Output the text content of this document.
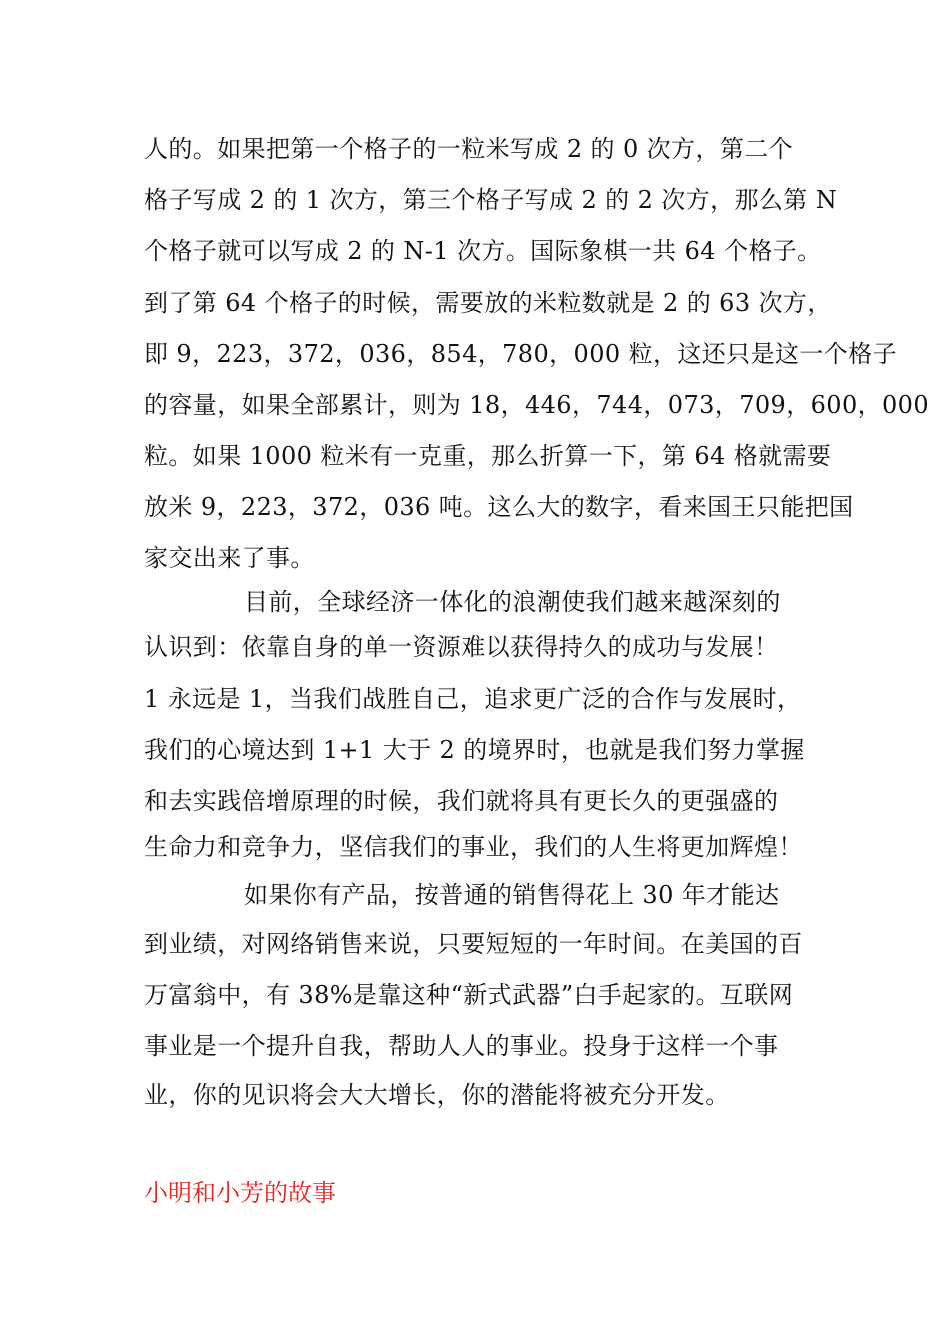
人的。如果把第一个格子的一粒米写成 2 的 0 次方，第二个
格子写成 2 的 1 次方，第三个格子写成 2 的 2 次方，那么第 N
个格子就可以写成 2 的 N-1 次方。国际象棋一共 64 个格子。
到了第 64 个格子的时候，需要放的米粒数就是 2 的 63 次方，
即 9，223，372，036，854，780，000 粒，这还只是这一个格子
的容量，如果全部累计，则为 18，446，744，073，709，600，000
粒。如果 1000 粒米有一克重，那么折算一下，第 64 格就需要
放米 9，223，372，036 吨。这么大的数字，看来国王只能把国
家交出来了事。
目前，全球经济一体化的浪潮使我们越来越深刻的
认识到：依靠自身的单一资源难以获得持久的成功与发展！
1 永远是 1，当我们战胜自己，追求更广泛的合作与发展时，
我们的心境达到 1+1 大于 2 的境界时，也就是我们努力掌握
和去实践倍增原理的时候，我们就将具有更长久的更强盛的
生命力和竞争力，坚信我们的事业，我们的人生将更加辉煌！
如果你有产品，按普通的销售得花上 30 年才能达
到业绩，对网络销售来说，只要短短的一年时间。在美国的百
万富翁中，有 38%是靠这种“新式武器”白手起家的。互联网
事业是一个提升自我，帮助人人的事业。投身于这样一个事
业，你的见识将会大大增长，你的潜能将被充分开发。
小明和小芳的故事
